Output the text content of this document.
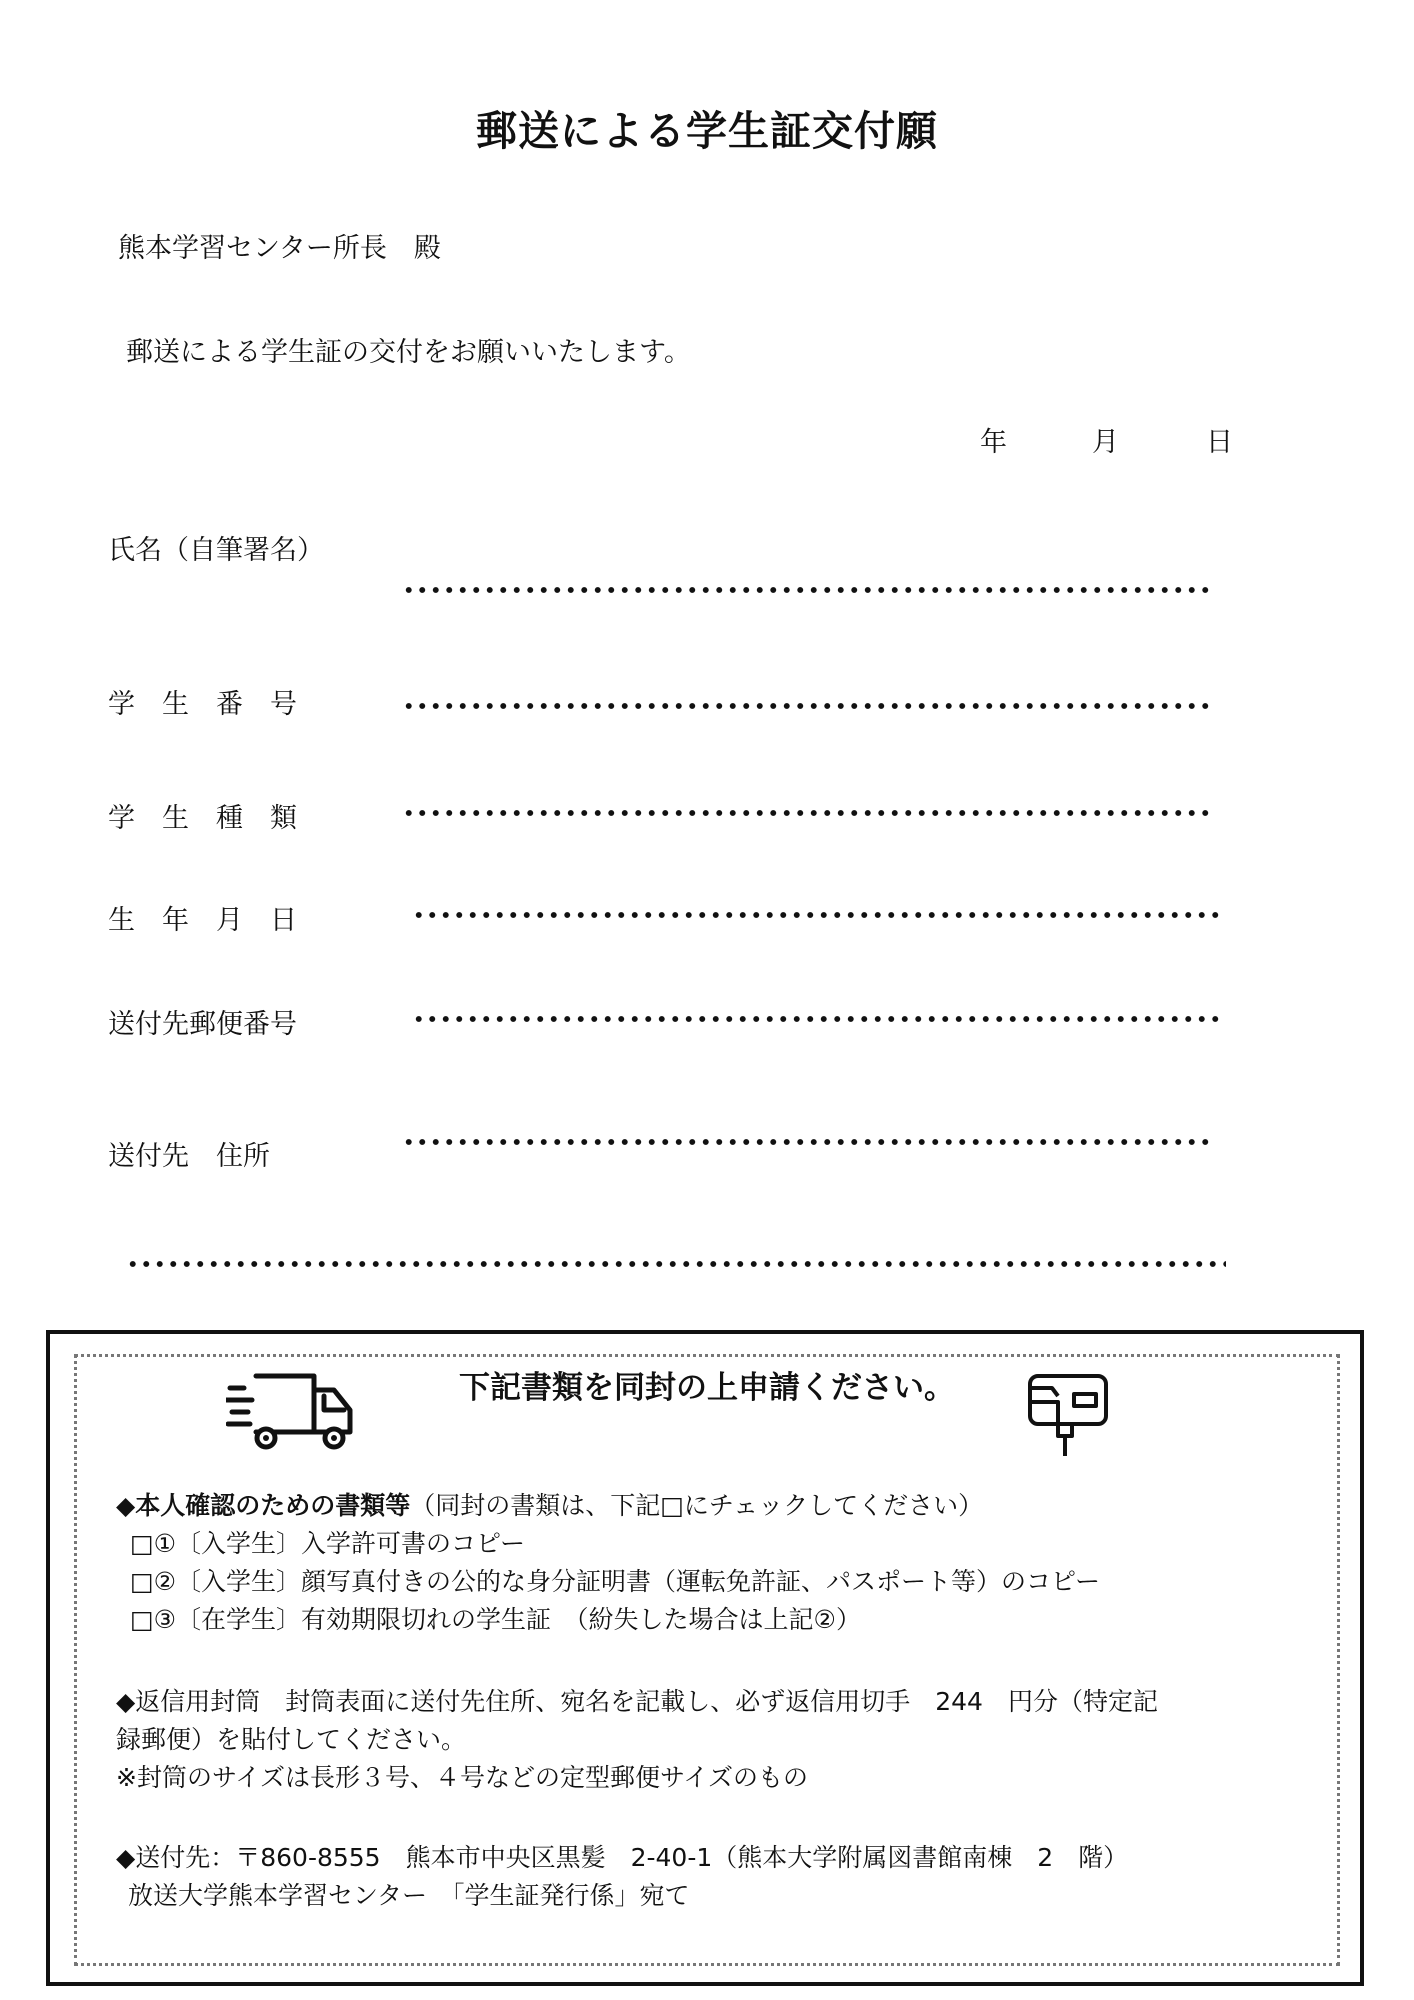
郵送による学生証交付願
熊本学習センター所長　殿
郵送による学生証の交付をお願いいたします。
年	月	日
氏名（自筆署名）
学　生　番　号
学　生　種　類
生　年　月　日
送付先郵便番号
送付先　住所
下記書類を同封の上申請ください。
◆本人確認のための書類等（同封の書類は、下記□にチェックしてください）
□①〔入学生〕入学許可書のコピー
□②〔入学生〕顔写真付きの公的な身分証明書（運転免許証、パスポート等）のコピー
□③〔在学生〕有効期限切れの学生証　（紛失した場合は上記②）
◆返信用封筒　封筒表面に送付先住所、宛名を記載し、必ず返信用切手　244　円分（特定記
録郵便）を貼付してください。
※封筒のサイズは長形３号、４号などの定型郵便サイズのもの
◆送付先：〒860-8555　熊本市中央区黒髪　2-40-1（熊本大学附属図書館南棟　2　階）
放送大学熊本学習センター　「学生証発行係」宛て
